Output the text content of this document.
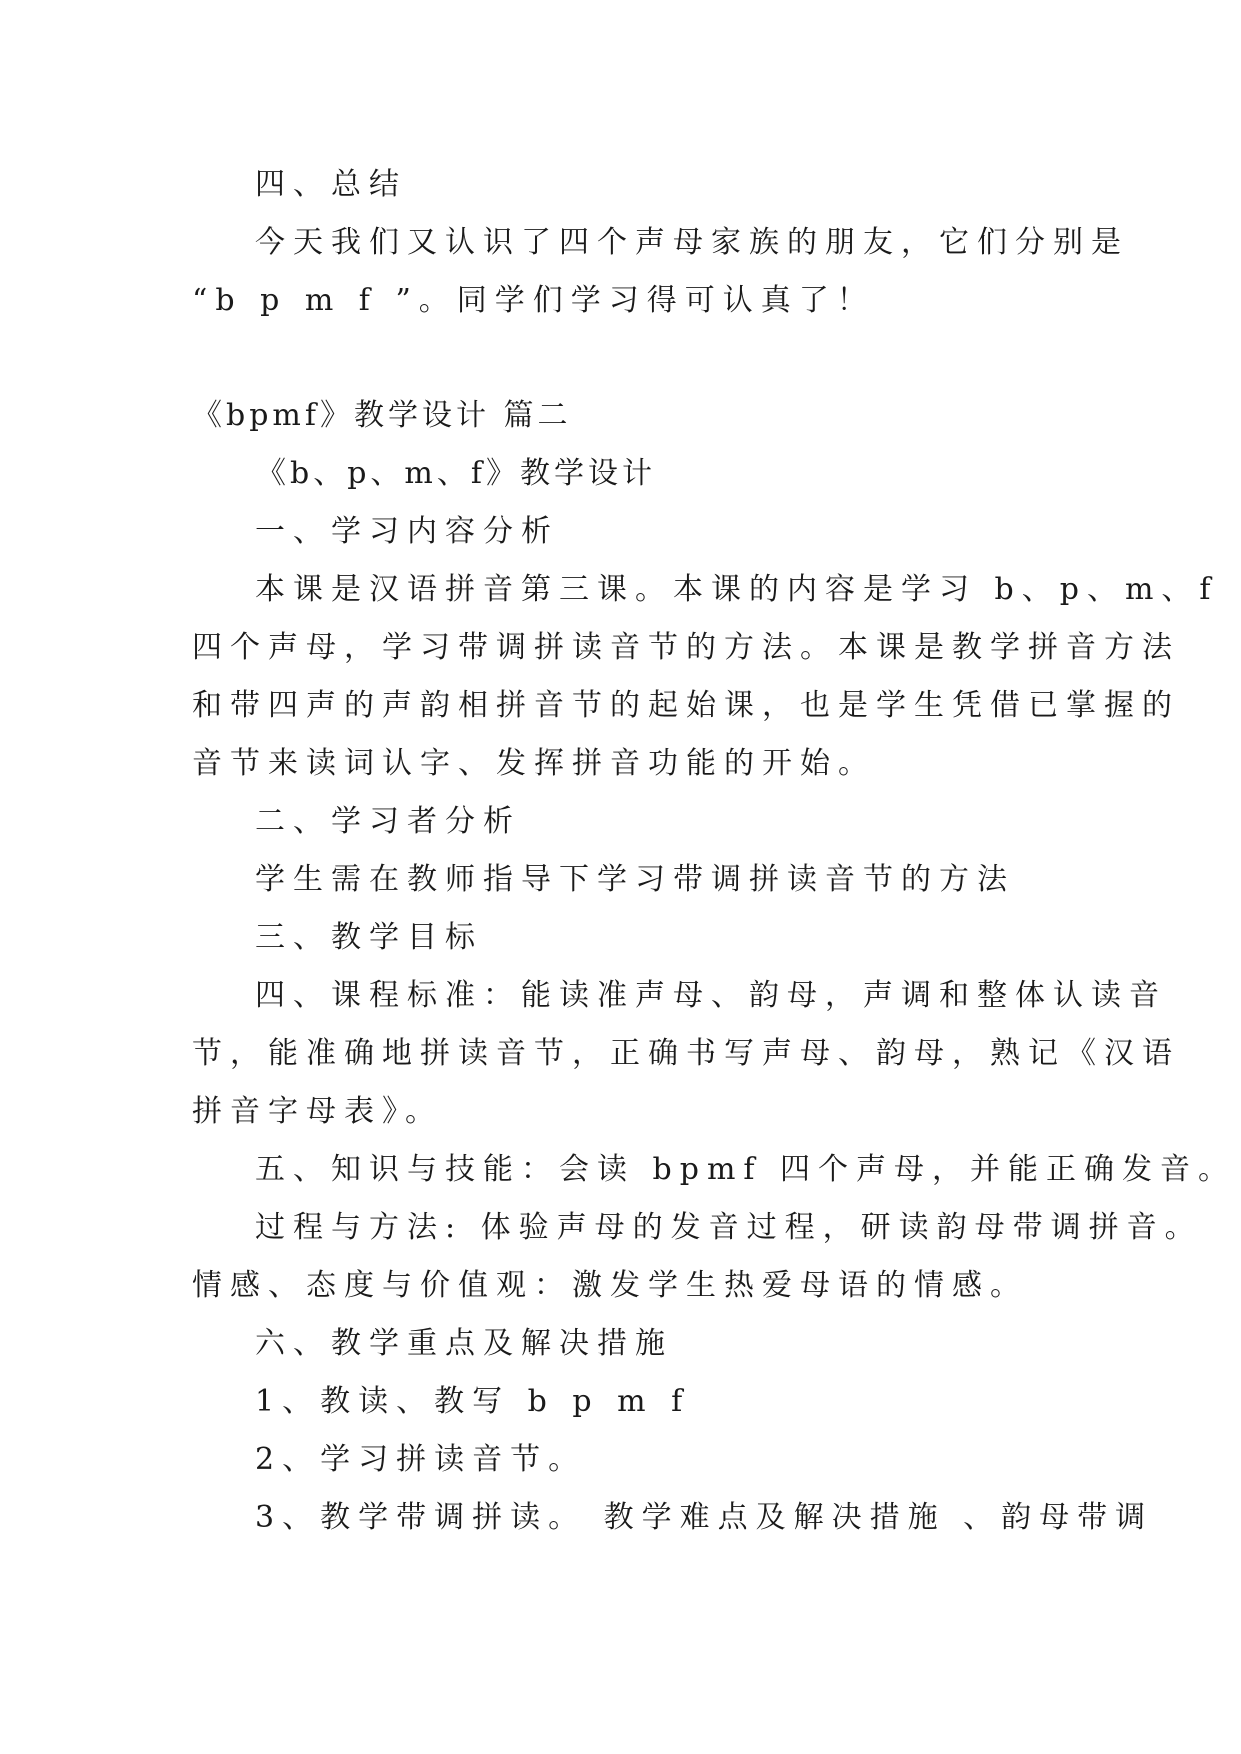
四、总结
今天我们又认识了四个声母家族的朋友，它们分别是
“b p m f ”。同学们学习得可认真了！
《bpmf》教学设计 篇二
《b、p、m、f》教学设计
一、学习内容分析
本课是汉语拼音第三课。本课的内容是学习 b、p、m、f
四个声母，学习带调拼读音节的方法。本课是教学拼音方法
和带四声的声韵相拼音节的起始课，也是学生凭借已掌握的
音节来读词认字、发挥拼音功能的开始。
二、学习者分析
学生需在教师指导下学习带调拼读音节的方法
三、教学目标
四、课程标准：能读准声母、韵母，声调和整体认读音
节，能准确地拼读音节，正确书写声母、韵母，熟记《汉语
拼音字母表》。
五、知识与技能：会读 bpmf 四个声母，并能正确发音。
过程与方法: 体验声母的发音过程，研读韵母带调拼音。
情感、态度与价值观：激发学生热爱母语的情感。
六、教学重点及解决措施
1、教读、教写 b p m f
2、学习拼读音节。
3、教学带调拼读。 教学难点及解决措施 、韵母带调
